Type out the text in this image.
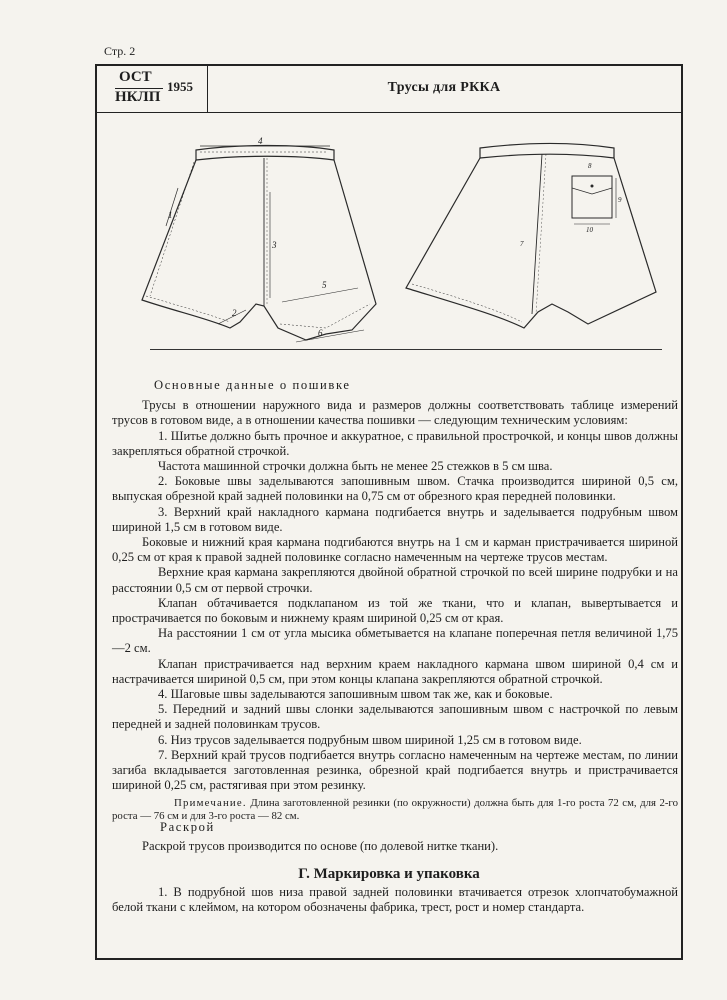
Стр. 2
ОСТ
НКЛП
1955	Трусы для РККА
4
1
3
5
6
2
7
8
9
10

Основные данные о пошивке

Трусы в отношении наружного вида и размеров должны соответствовать таблице измерений трусов в готовом виде, а в отношении качества пошивки — следующим техническим условиям:

1. Шитье должно быть прочное и аккуратное, с правильной прострочкой, и концы швов должны закрепляться обратной строчкой.

Частота машинной строчки должна быть не менее 25 стежков в 5 см шва.

2. Боковые швы заделываются запошивным швом. Стачка производится шириной 0,5 см, выпуская обрезной край задней половинки на 0,75 см от обрезного края передней половинки.

3. Верхний край накладного кармана подгибается внутрь и заделывается подрубным швом шириной 1,5 см в готовом виде.

Боковые и нижний края кармана подгибаются внутрь на 1 см и карман пристрачивается шириной 0,25 см от края к правой задней половинке согласно намеченным на чертеже трусов местам.

Верхние края кармана закрепляются двойной обратной строчкой по всей ширине подрубки и на расстоянии 0,5 см от первой строчки.

Клапан обтачивается подклапаном из той же ткани, что и клапан, вывертывается и прострачивается по боковым и нижнему краям шириной 0,25 см от края.

На расстоянии 1 см от угла мысика обметывается на клапане поперечная петля величиной 1,75—2 см.

Клапан пристрачивается над верхним краем накладного кармана швом шириной 0,4 см и настрачивается шириной 0,5 см, при этом концы клапана закрепляются обратной строчкой.

4. Шаговые швы заделываются запошивным швом так же, как и боковые.

5. Передний и задний швы слонки заделываются запошивным швом с настрочкой по левым передней и задней половинкам трусов.

6. Низ трусов заделывается подрубным швом шириной 1,25 см в готовом виде.

7. Верхний край трусов подгибается внутрь согласно намеченным на чертеже местам, по линии загиба вкладывается заготовленная резинка, обрезной край подгибается внутрь и пристрачивается шириной 0,25 см, растягивая при этом резинку.

Примечание. Длина заготовленной резинки (по окружности) должна быть для 1-го роста 72 см, для 2-го роста — 76 см и для 3-го роста — 82 см.

Раскрой

Раскрой трусов производится по основе (по долевой нитке ткани).

Г. Маркировка и упаковка

1. В подрубной шов низа правой задней половинки втачивается отрезок хлопчатобумажной белой ткани с клеймом, на котором обозначены фабрика, трест, рост и номер стандарта.
